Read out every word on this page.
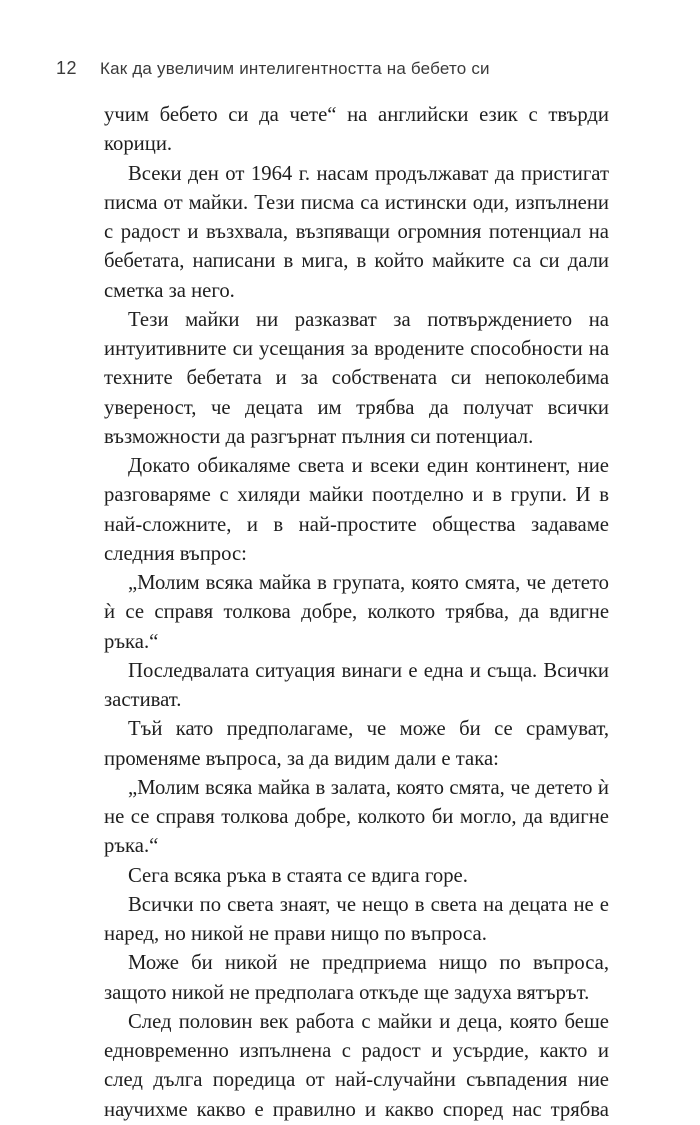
12 Как да увеличим интелигентността на бебето си

учим бебето си да чете“ на английски език с твърди корици.

Всеки ден от 1964 г. насам продължават да пристигат писма от майки. Тези писма са истински оди, изпълнени с радост и възхвала, възпяващи огромния потенциал на бебетата, написани в мига, в който майките са си дали сметка за него.

Тези майки ни разказват за потвърждението на интуитивните си усещания за вродените способности на техните бебетата и за собствената си непоколебима увереност, че децата им трябва да получат всички възможности да разгърнат пълния си потенциал.

Докато обикаляме света и всеки един континент, ние разговаряме с хиляди майки поотделно и в групи. И в най-сложните, и в най-простите общества задаваме следния въпрос:

„Молим всяка майка в групата, която смята, че детето ѝ се справя толкова добре, колкото трябва, да вдигне ръка.“

Последвалата ситуация винаги е една и съща. Всички застиват.

Тъй като предполагаме, че може би се срамуват, променяме въпроса, за да видим дали е така:

„Молим всяка майка в залата, която смята, че детето ѝ не се справя толкова добре, колкото би могло, да вдигне ръка.“

Сега всяка ръка в стаята се вдига горе.

Всички по света знаят, че нещо в света на децата не е наред, но никой не прави нищо по въпроса.

Може би никой не предприема нищо по въпроса, защото никой не предполага откъде ще задуха вятърът.

След половин век работа с майки и деца, която беше едновременно изпълнена с радост и усърдие, както и след дълга поредица от най-случайни съвпадения ние научихме какво е правилно и какво според нас трябва
